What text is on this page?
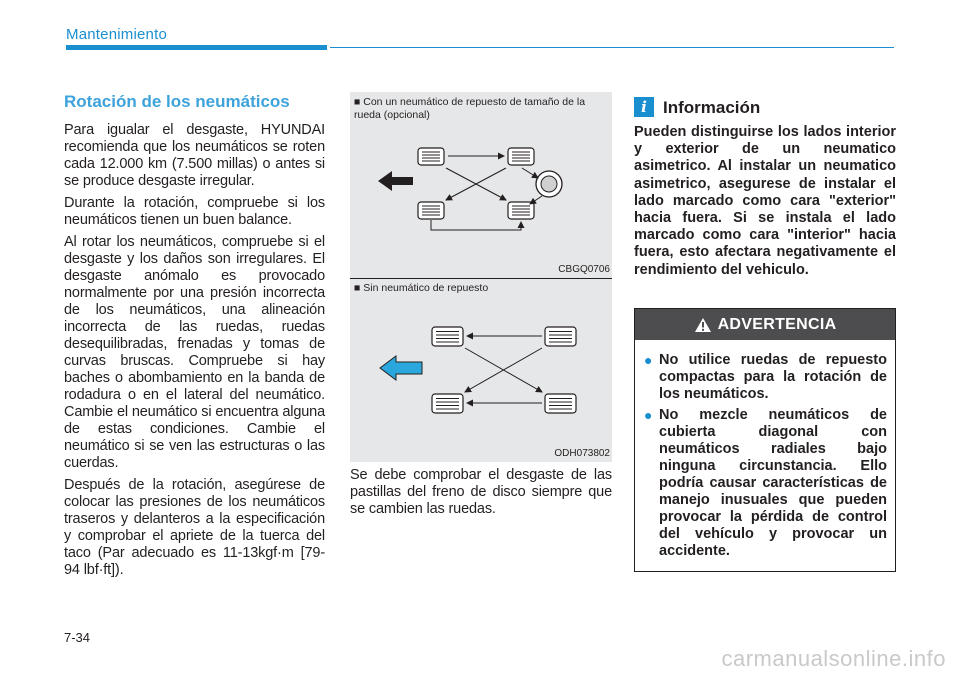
Mantenimiento
Rotación de los neumáticos

Para igualar el desgaste, HYUNDAI recomienda que los neumáticos se roten cada 12.000 km (7.500 millas) o antes si se produce desgaste irregular.

Durante la rotación, compruebe si los neumáticos tienen un buen balance.

Al rotar los neumáticos, compruebe si el desgaste y los daños son irregulares. El desgaste anómalo es provocado normalmente por una presión incorrecta de los neumáticos, una alineación incorrecta de las ruedas, ruedas desequilibradas, frenadas y tomas de curvas bruscas. Compruebe si hay baches o abombamiento en la banda de rodadura o en el lateral del neumático. Cambie el neumático si encuentra alguna de estas condiciones. Cambie el neumático si se ven las estructuras o las cuerdas.

Después de la rotación, asegúrese de colocar las presiones de los neumáticos traseros y delanteros a la especificación y comprobar el apriete de la tuerca del taco (Par adecuado es 11-13kgf·m [79-94 lbf·ft]).

■ Con un neumático de repuesto de tamaño de la rueda (opcional)
CBGQ0706
■ Sin neumático de repuesto
ODH073802

Se debe comprobar el desgaste de las pastillas del freno de disco siempre que se cambien las ruedas.

i Información

Pueden distinguirse los lados interior y exterior de un neumatico asimetrico. Al instalar un neumatico asimetrico, asegurese de instalar el lado marcado como cara "exterior" hacia fuera. Si se instala el lado marcado como cara "interior" hacia fuera, esto afectara negativamente el rendimiento del vehiculo.

ADVERTENCIA
● No utilice ruedas de repuesto compactas para la rotación de los neumáticos.
● No mezcle neumáticos de cubierta diagonal con neumáticos radiales bajo ninguna circunstancia. Ello podría causar características de manejo inusuales que pueden provocar la pérdida de control del vehículo y provocar un accidente.
7-34
carmanualsonline.info
